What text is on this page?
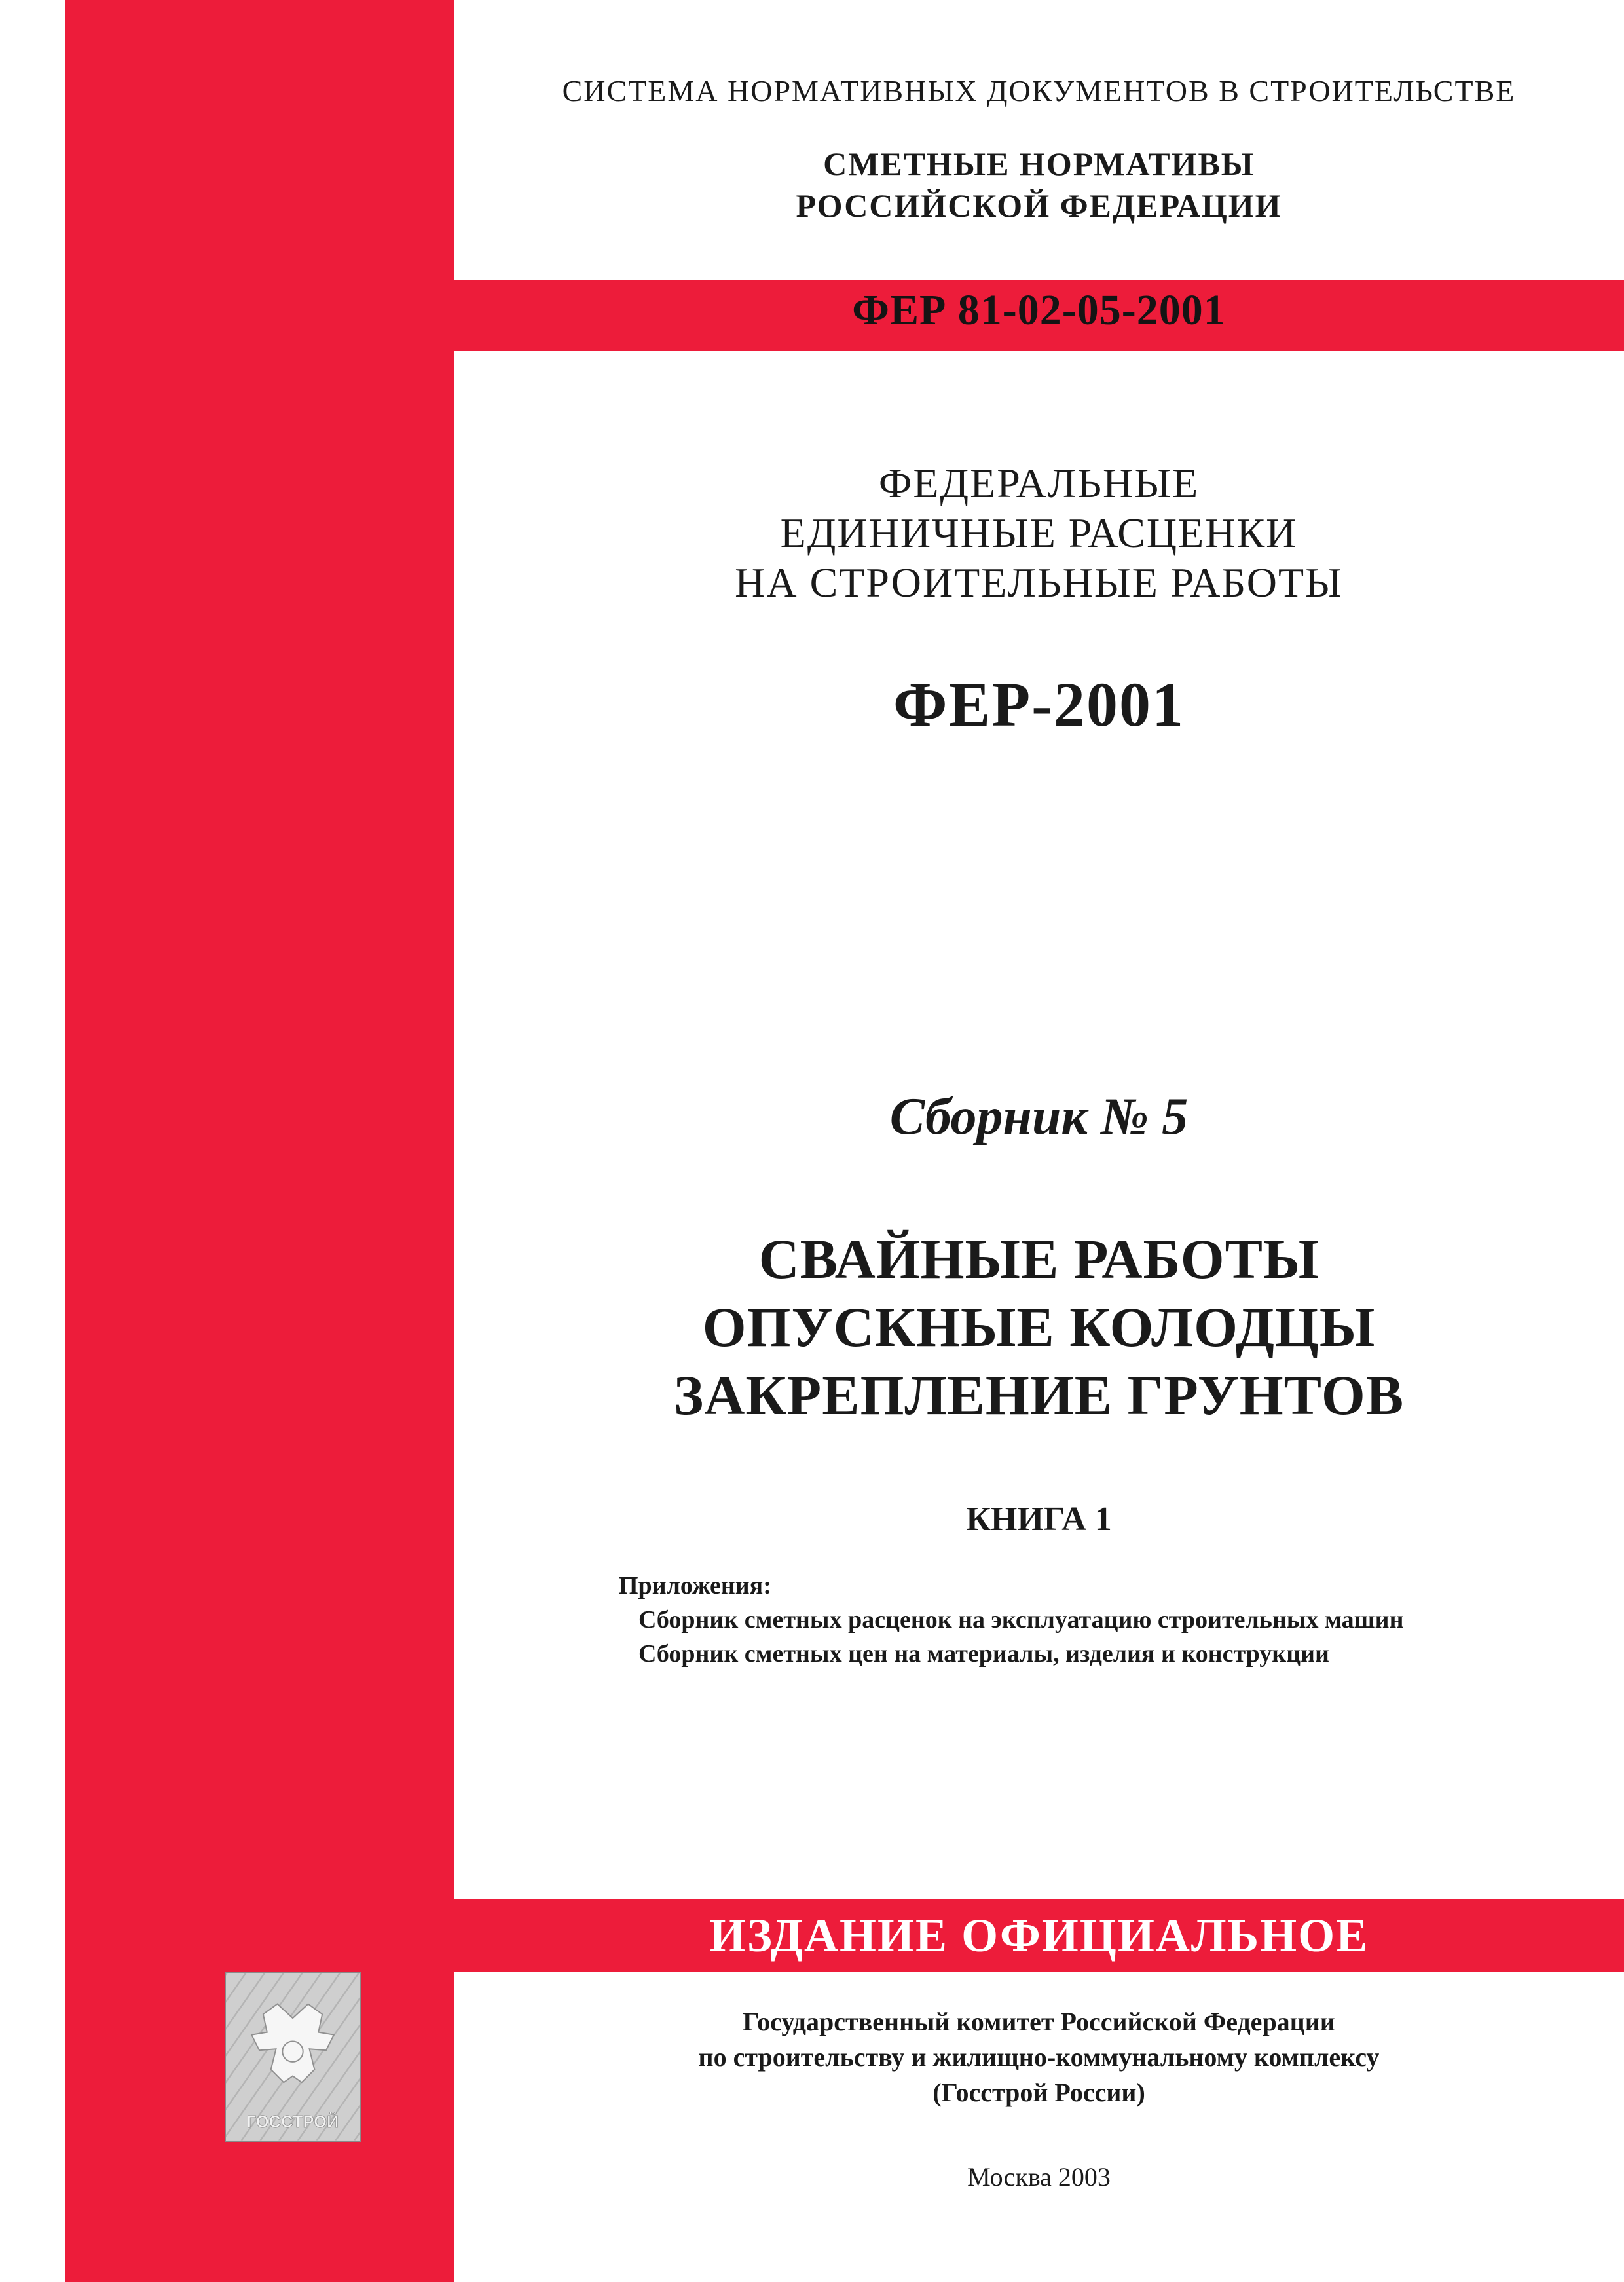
СИСТЕМА НОРМАТИВНЫХ ДОКУМЕНТОВ В СТРОИТЕЛЬСТВЕ

СМЕТНЫЕ НОРМАТИВЫ
РОССИЙСКОЙ ФЕДЕРАЦИИ

ФЕР 81-02-05-2001

ФЕДЕРАЛЬНЫЕ
ЕДИНИЧНЫЕ РАСЦЕНКИ
НА СТРОИТЕЛЬНЫЕ РАБОТЫ

ФЕР-2001

Сборник № 5

СВАЙНЫЕ РАБОТЫ
ОПУСКНЫЕ КОЛОДЦЫ
ЗАКРЕПЛЕНИЕ ГРУНТОВ

КНИГА 1

Приложения:
Сборник сметных расценок на эксплуатацию строительных машин
Сборник сметных цен на материалы, изделия и конструкции

ИЗДАНИЕ ОФИЦИАЛЬНОЕ

ГОССТРОЙ
Государственный комитет Российской Федерации
по строительству и жилищно-коммунальному комплексу
(Госстрой России)

Москва 2003
